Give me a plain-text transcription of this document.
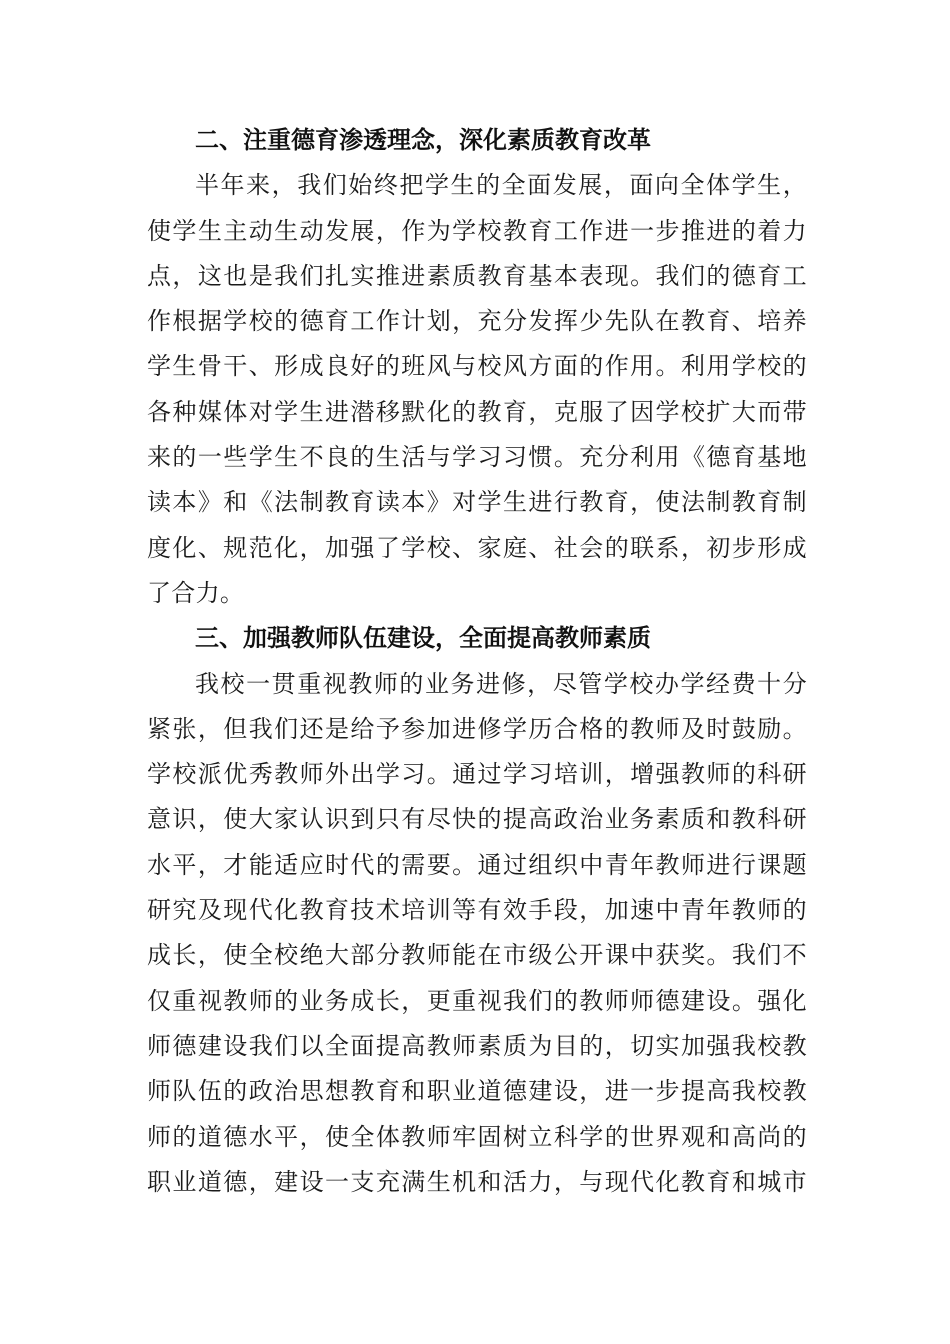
二、注重德育渗透理念，深化素质教育改革
半年来，我们始终把学生的全面发展，面向全体学生，
使学生主动生动发展，作为学校教育工作进一步推进的着力
点，这也是我们扎实推进素质教育基本表现。我们的德育工
作根据学校的德育工作计划，充分发挥少先队在教育、培养
学生骨干、形成良好的班风与校风方面的作用。利用学校的
各种媒体对学生进潜移默化的教育，克服了因学校扩大而带
来的一些学生不良的生活与学习习惯。充分利用《德育基地
读本》和《法制教育读本》对学生进行教育，使法制教育制
度化、规范化，加强了学校、家庭、社会的联系，初步形成
了合力。
三、加强教师队伍建设，全面提高教师素质
我校一贯重视教师的业务进修，尽管学校办学经费十分
紧张，但我们还是给予参加进修学历合格的教师及时鼓励。
学校派优秀教师外出学习。通过学习培训，增强教师的科研
意识，使大家认识到只有尽快的提高政治业务素质和教科研
水平，才能适应时代的需要。通过组织中青年教师进行课题
研究及现代化教育技术培训等有效手段，加速中青年教师的
成长，使全校绝大部分教师能在市级公开课中获奖。我们不
仅重视教师的业务成长，更重视我们的教师师德建设。强化
师德建设我们以全面提高教师素质为目的，切实加强我校教
师队伍的政治思想教育和职业道德建设，进一步提高我校教
师的道德水平，使全体教师牢固树立科学的世界观和高尚的
职业道德，建设一支充满生机和活力，与现代化教育和城市
